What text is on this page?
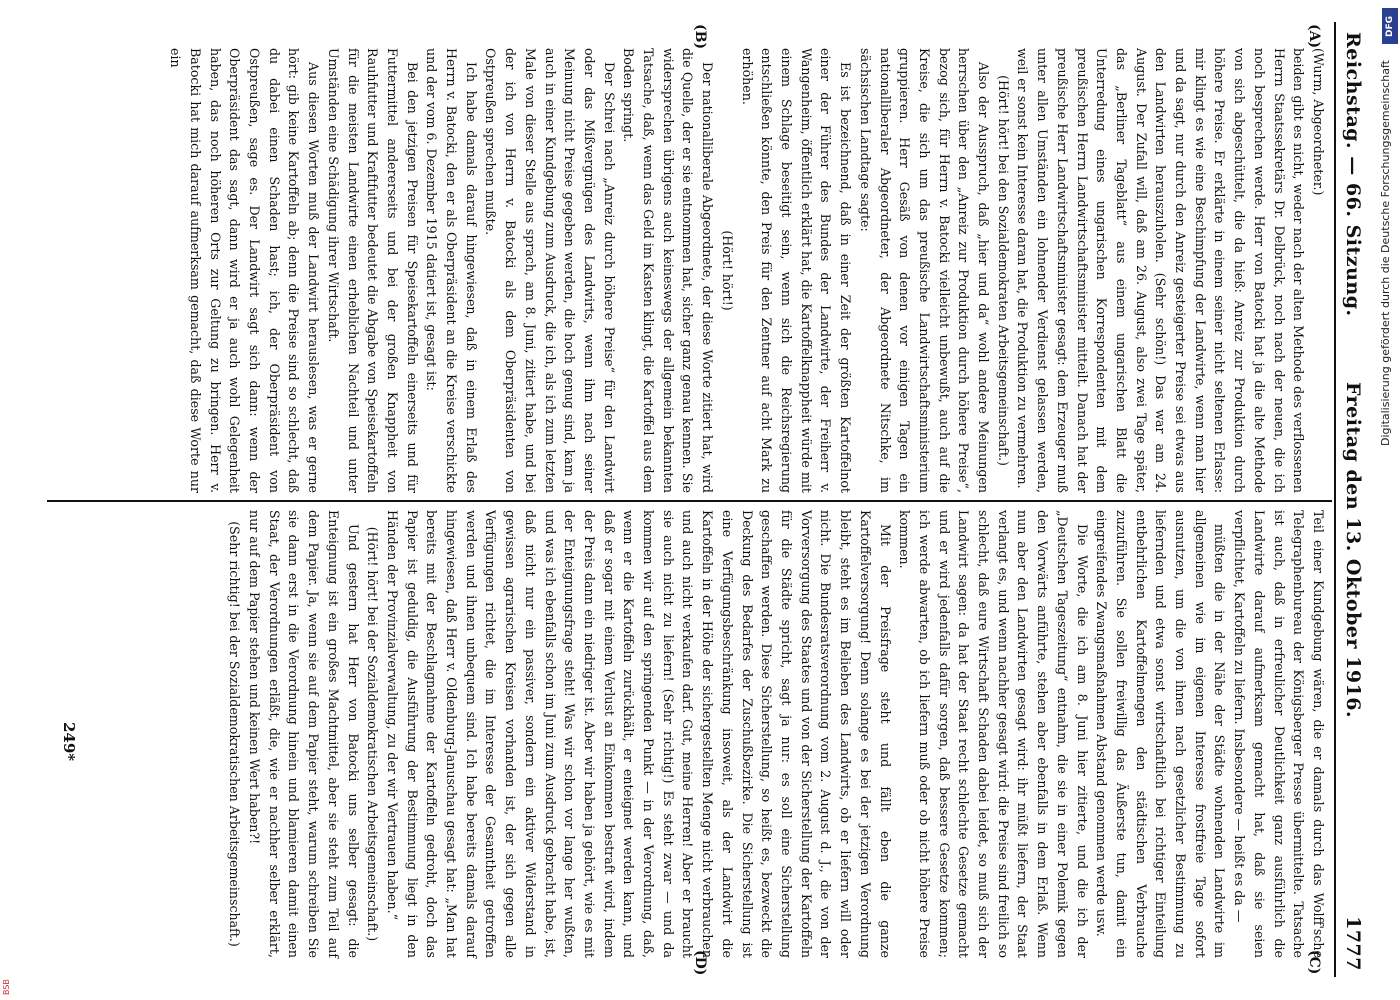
DFG
Digitalisierung gefördert durch die Deutsche Forschungsgemeinschaft
BSB
Reichstag. — 66. Sitzung.
Freitag den 13. Oktober 1916.
1777
(A)
(B)
(C)
(D)

(Wurm, Abgeordneter.)

beiden gibt es nicht, weder nach der alten Methode des verflossenen Herrn Staatssekretärs Dr. Delbrück, noch nach der neuen, die ich noch besprechen werde. Herr von Batocki hat ja die alte Methode von sich abgeschüttelt, die da hieß: Anreiz zur Produktion durch höhere Preise. Er erklärte in einem seiner nicht seltenen Erlasse: mir klingt es wie eine Beschimpfung der Landwirte, wenn man hier und da sagt, nur durch den Anreiz gesteigerter Preise sei etwas aus den Landwirten herauszuholen. (Sehr schön!) Das war am 24. August. Der Zufall will, daß am 26. August, also zwei Tage später, das „Berliner Tageblatt“ aus einem ungarischen Blatt die Unterredung eines ungarischen Korrespondenten mit dem preußischen Herrn Landwirtschaftsminister mitteilt. Danach hat der preußische Herr Landwirtschaftsminister gesagt: dem Erzeuger muß unter allen Umständen ein lohnender Verdienst gelassen werden, weil er sonst kein Interesse daran hat, die Produktion zu vermehren.

(Hört! hört! bei den Sozialdemokraten Arbeitsgemeinschaft.)

Also der Ausspruch, daß „hier und da“ wohl andere Meinungen herrschen über den „Anreiz zur Produktion durch höhere Preise“, bezog sich, für Herrn v. Batocki vielleicht unbewußt, auch auf die Kreise, die sich um das preußische Landwirtschaftsministerium gruppieren. Herr Gesäß von denen vor einigen Tagen ein nationalliberaler Abgeordneter, der Abgeordnete Nitschke, im sächsischen Landtage sagte:

Es ist bezeichnend, daß in einer Zeit der größten Kartoffelnot einer der Führer des Bundes der Landwirte, der Freiherr v. Wangenheim, öffentlich erklärt hat, die Kartoffelknappheit würde mit einem Schlage beseitigt sein, wenn sich die Reichsregierung entschließen könnte, den Preis für den Zentner auf acht Mark zu erhöhen.

(Hört! hört!)

Der nationalliberale Abgeordnete, der diese Worte zitiert hat, wird die Quelle, der er sie entnommen hat, sicher ganz genau kennen. Sie widersprechen übrigens auch keineswegs der allgemein bekannten Tatsache, daß, wenn das Geld im Kasten klingt, die Kartoffel aus dem Boden springt.

Der Schrei nach „Anreiz durch höhere Preise“ für den Landwirt oder das Mißvergnügen des Landwirts, wenn ihm nach seiner Meinung nicht Preise gegeben werden, die hoch genug sind, kam ja auch in einer Kundgebung zum Ausdruck, die ich, als ich zum letzten Male von dieser Stelle aus sprach, am 8. Juni, zitiert habe, und bei der ich von Herrn v. Batocki als dem Oberpräsidenten von Ostpreußen sprechen mußte.

Ich habe damals darauf hingewiesen, daß in einem Erlaß des Herrn v. Batocki, den er als Oberpräsident an die Kreise verschickte und der vom 6. Dezember 1915 datiert ist, gesagt ist:

Bei den jetzigen Preisen für Speisekartoffeln einerseits und für Futtermittel andererseits und bei der großen Knappheit von Rauhfutter und Kraftfutter bedeutet die Abgabe von Speisekartoffeln für die meisten Landwirte einen erheblichen Nachteil und unter Umständen eine Schädigung ihrer Wirtschaft.

Aus diesen Worten muß der Landwirt herauslesen, was er gerne hört: gib keine Kartoffeln ab; denn die Preise sind so schlecht, daß du dabei einen Schaden hast; ich, der Oberpräsident von Ostpreußen, sage es. Der Landwirt sagt sich dann: wenn der Oberpräsident das sagt, dann wird er ja auch wohl Gelegenheit haben, das noch höheren Orts zur Geltung zu bringen. Herr v. Batocki hat mich darauf aufmerksam gemacht, daß diese Worte nur ein

Teil einer Kundgebung wären, die er damals durch das Wolff'sche Telegraphenbureau der Königsberger Presse übermittelte. Tatsache ist auch, daß in erfreulicher Deutlichkeit ganz ausführlich die Landwirte darauf aufmerksam gemacht hat, daß sie seien verpflichtet, Kartoffeln zu liefern. Insbesondere — heißt es da —

müßten die in der Nähe der Städte wohnenden Landwirte im allgemeinen wie im eigenen Interesse frostfreie Tage sofort ausnutzen, um die von ihnen nach gesetzlicher Bestimmung zu liefernden und etwa sonst wirtschaftlich bei richtiger Einteilung entbehrlichen Kartoffelmengen den städtischen Verbrauche zuzuführen. Sie sollen freiwillig das Äußerste tun, damit ein eingreifendes Zwangsmaßnahmen Abstand genommen werde usw.

Die Worte, die ich am 8. Juni hier zitierte, und die ich der „Deutschen Tageszeitung“ entnahm, die sie in einer Polemik gegen den Vorwärts anführte, stehen aber ebenfalls in dem Erlaß. Wenn nun aber den Landwirten gesagt wird: ihr müßt liefern, der Staat verlangt es, und wenn nachher gesagt wird: die Preise sind freilich so schlecht, daß eure Wirtschaft Schaden dabei leidet, so muß sich der Landwirt sagen: da hat der Staat recht schlechte Gesetze gemacht und er wird jedenfalls dafür sorgen, daß bessere Gesetze kommen; ich werde abwarten, ob ich liefern muß oder ob nicht höhere Preise kommen.

Mit der Preisfrage steht und fällt eben die ganze Kartoffelversorgung! Denn solange es bei der jetzigen Verordnung bleibt, steht es im Belieben des Landwirts, ob er liefern will oder nicht. Die Bundesratsverordnung vom 2. August d. J., die von der Vorversorgung des Staates und von der Sicherstellung der Kartoffeln für die Städte spricht, sagt ja nur: es soll eine Sicherstellung geschaffen werden. Diese Sicherstellung, so heißt es, bezweckt die Deckung des Bedarfes der Zuschußbezirke. Die Sicherstellung ist eine Verfügungsbeschränkung insoweit, als der Landwirt die Kartoffeln in der Höhe der sichergestellten Menge nicht verbrauchen und auch nicht verkaufen darf. Gut, meine Herren! Aber er braucht sie auch nicht zu liefern! (Sehr richtig!) Es steht zwar — und da kommen wir auf den springenden Punkt — in der Verordnung, daß, wenn er die Kartoffeln zurückhält, er enteignet werden kann, und daß er sogar mit einem Verlust an Einkommen bestraft wird, indem der Preis dann ein niedriger ist. Aber wir haben ja gehört, wie es mit der Enteignungsfrage steht! Was wir schon vor lange her wußten, und was ich ebenfalls schon im Juni zum Ausdruck gebracht habe, ist, daß nicht nur ein passiver, sondern ein aktiver Widerstand in gewissen agrarischen Kreisen vorhanden ist, der sich gegen alle Verfügungen richtet, die im Interesse der Gesamtheit getroffen werden und ihnen unbequem sind. Ich habe bereits damals darauf hingewiesen, daß Herr v. Oldenburg-Januschau gesagt hat: „Man hat bereits mit der Beschlagnahme der Kartoffeln gedroht, doch das Papier ist geduldig, die Ausführung der Bestimmung liegt in den Händen der Provinzialverwaltung, zu der wir Vertrauen haben.“

(Hört! hört! bei der Sozialdemokratischen Arbeitsgemeinschaft.)

Und gestern hat Herr von Batocki uns selber gesagt: die Enteignung ist ein großes Machtmittel, aber sie steht zum Teil auf dem Papier. Ja, wenn sie auf dem Papier steht, warum schreiben Sie sie dann erst in die Verordnung hinein und blamieren damit einen Staat, der Verordnungen erläßt, die, wie er nachher selber erklärt, nur auf dem Papier stehen und keinen Wert haben?!

(Sehr richtig! bei der Sozialdemokratischen Arbeitsgemeinschaft.)

249*
